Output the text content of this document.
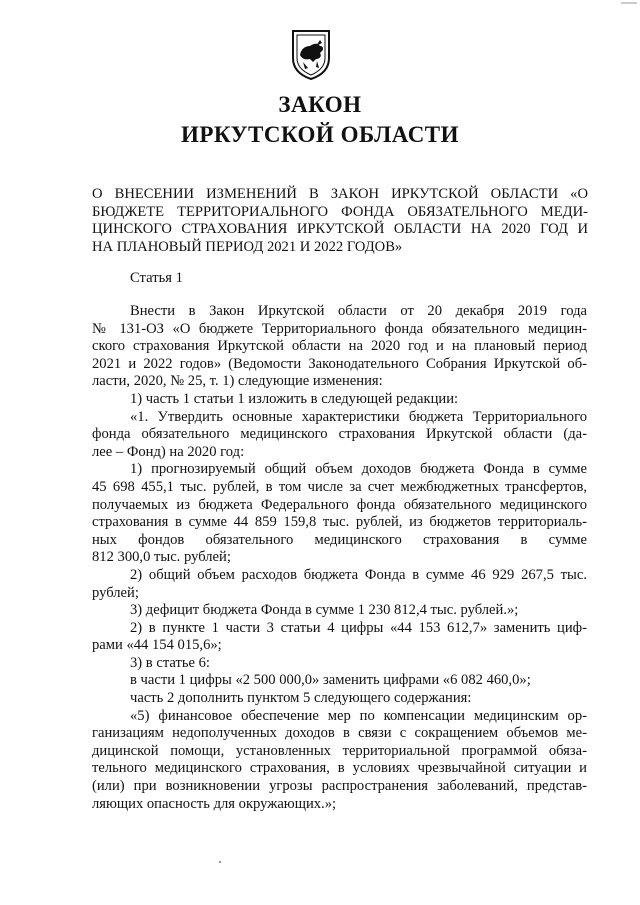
ЗАКОН
ИРКУТСКОЙ ОБЛАСТИ
О ВНЕСЕНИИ ИЗМЕНЕНИЙ В ЗАКОН ИРКУТСКОЙ ОБЛАСТИ «О
БЮДЖЕТЕ ТЕРРИТОРИАЛЬНОГО ФОНДА ОБЯЗАТЕЛЬНОГО МЕДИ-
ЦИНСКОГО СТРАХОВАНИЯ ИРКУТСКОЙ ОБЛАСТИ НА 2020 ГОД И
НА ПЛАНОВЫЙ ПЕРИОД 2021 И 2022 ГОДОВ»
Статья 1
Внести в Закон Иркутской области от 20 декабря 2019 года
№ 131-ОЗ «О бюджете Территориального фонда обязательного медицин-
ского страхования Иркутской области на 2020 год и на плановый период
2021 и 2022 годов» (Ведомости Законодательного Собрания Иркутской об-
ласти, 2020, № 25, т. 1) следующие изменения:
1) часть 1 статьи 1 изложить в следующей редакции:
«1. Утвердить основные характеристики бюджета Территориального
фонда обязательного медицинского страхования Иркутской области (да-
лее – Фонд) на 2020 год:
1) прогнозируемый общий объем доходов бюджета Фонда в сумме
45 698 455,1 тыс. рублей, в том числе за счет межбюджетных трансфертов,
получаемых из бюджета Федерального фонда обязательного медицинского
страхования в сумме 44 859 159,8 тыс. рублей, из бюджетов территориаль-
ных фондов обязательного медицинского страхования в сумме
812 300,0 тыс. рублей;
2) общий объем расходов бюджета Фонда в сумме 46 929 267,5 тыс.
рублей;
3) дефицит бюджета Фонда в сумме 1 230 812,4 тыс. рублей.»;
2) в пункте 1 части 3 статьи 4 цифры «44 153 612,7» заменить циф-
рами «44 154 015,6»;
3) в статье 6:
в части 1 цифры «2 500 000,0» заменить цифрами «6 082 460,0»;
часть 2 дополнить пунктом 5 следующего содержания:
«5) финансовое обеспечение мер по компенсации медицинским ор-
ганизациям недополученных доходов в связи с сокращением объемов ме-
дицинской помощи, установленных территориальной программой обяза-
тельного медицинского страхования, в условиях чрезвычайной ситуации и
(или) при возникновении угрозы распространения заболеваний, представ-
ляющих опасность для окружающих.»;
